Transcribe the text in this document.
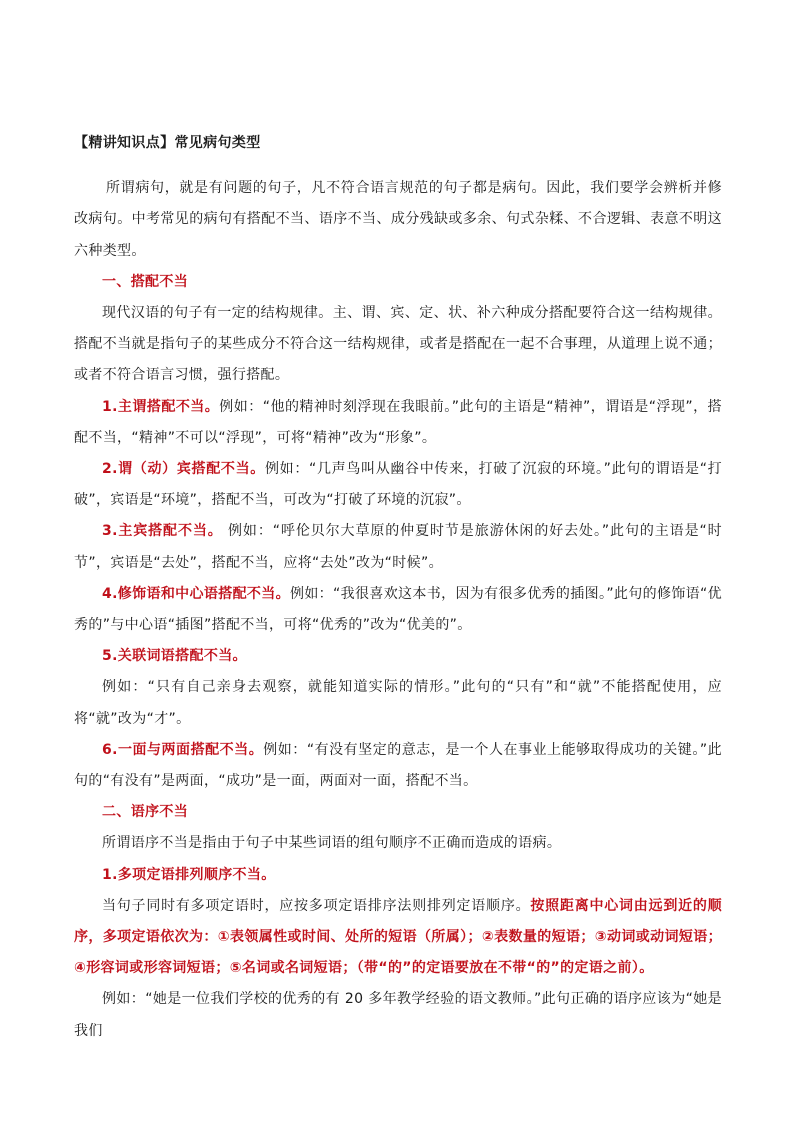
【精讲知识点】常见病句类型

所谓病句，就是有问题的句子，凡不符合语言规范的句子都是病句。因此，我们要学会辨析并修改病句。中考常见的病句有搭配不当、语序不当、成分残缺或多余、句式杂糅、不合逻辑、表意不明这六种类型。

一、搭配不当

现代汉语的句子有一定的结构规律。主、谓、宾、定、状、补六种成分搭配要符合这一结构规律。搭配不当就是指句子的某些成分不符合这一结构规律，或者是搭配在一起不合事理，从道理上说不通；或者不符合语言习惯，强行搭配。

1.主谓搭配不当。例如：“他的精神时刻浮现在我眼前。”此句的主语是“精神”，谓语是“浮现”，搭配不当，“精神”不可以“浮现”，可将“精神”改为“形象”。

2.谓（动）宾搭配不当。例如：“几声鸟叫从幽谷中传来，打破了沉寂的环境。”此句的谓语是“打破”，宾语是“环境”，搭配不当，可改为“打破了环境的沉寂”。

3.主宾搭配不当。 例如：“呼伦贝尔大草原的仲夏时节是旅游休闲的好去处。”此句的主语是“时节”，宾语是“去处”，搭配不当，应将“去处”改为“时候”。

4.修饰语和中心语搭配不当。例如：“我很喜欢这本书，因为有很多优秀的插图。”此句的修饰语“优秀的”与中心语“插图”搭配不当，可将“优秀的”改为“优美的”。

5.关联词语搭配不当。

例如：“只有自己亲身去观察，就能知道实际的情形。”此句的“只有”和“就”不能搭配使用，应将“就”改为“才”。

6.一面与两面搭配不当。例如：“有没有坚定的意志，是一个人在事业上能够取得成功的关键。”此句的“有没有”是两面，“成功”是一面，两面对一面，搭配不当。

二、语序不当

所谓语序不当是指由于句子中某些词语的组句顺序不正确而造成的语病。

1.多项定语排列顺序不当。

当句子同时有多项定语时，应按多项定语排序法则排列定语顺序。按照距离中心词由远到近的顺序，多项定语依次为：①表领属性或时间、处所的短语（所属）；②表数量的短语；③动词或动词短语；④形容词或形容词短语；⑤名词或名词短语；（带“的”的定语要放在不带“的”的定语之前）。

例如：“她是一位我们学校的优秀的有 20 多年教学经验的语文教师。”此句正确的语序应该为“她是我们
